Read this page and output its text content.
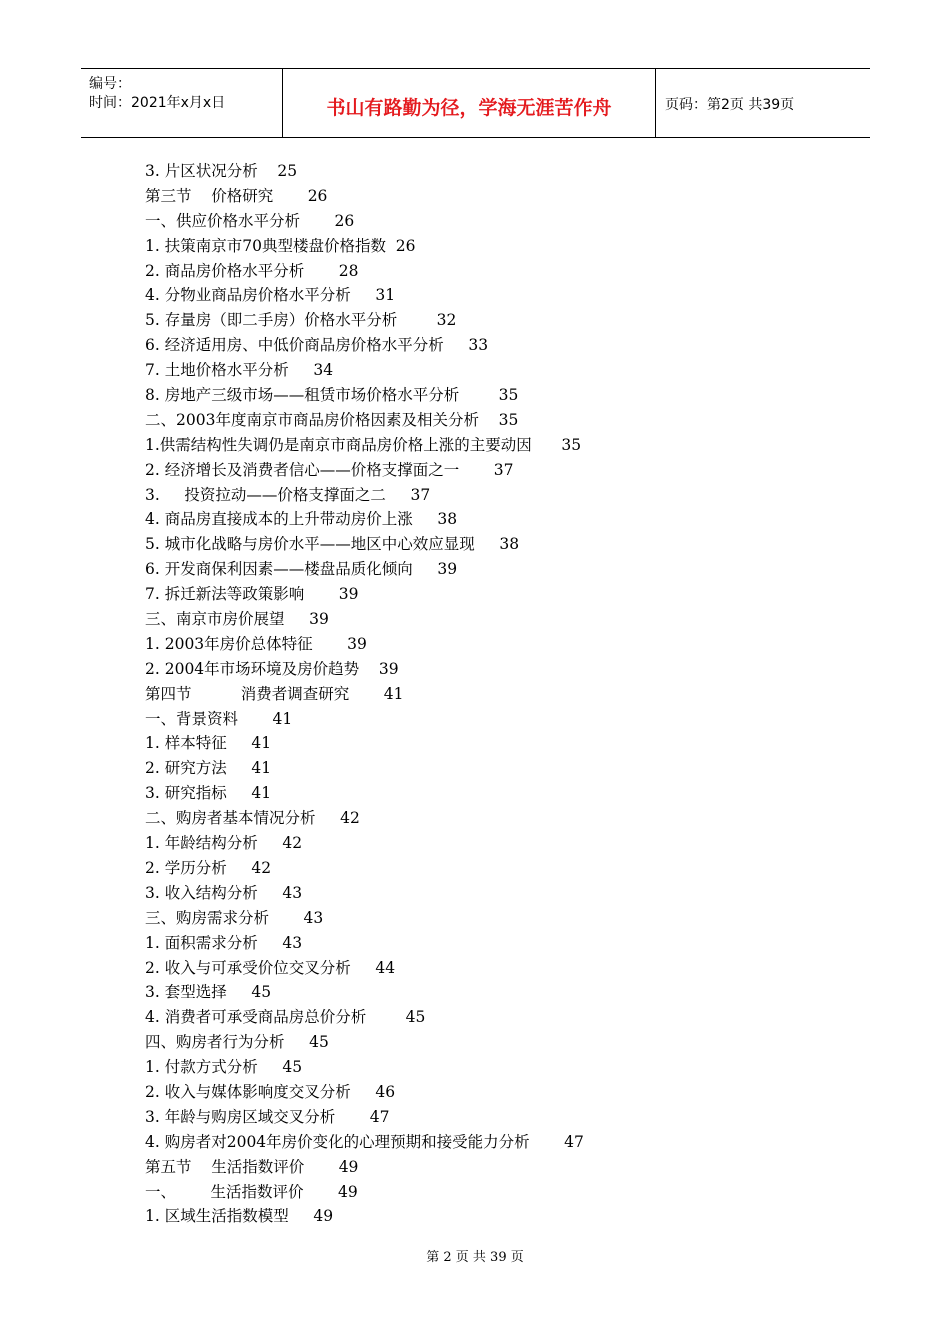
编号：
时间：2021年x月x日	书山有路勤为径，学海无涯苦作舟	页码：第2页 共39页
3. 片区状况分析    25
第三节    价格研究       26
一、供应价格水平分析       26
1. 扶策南京市70典型楼盘价格指数  26
2. 商品房价格水平分析       28
4. 分物业商品房价格水平分析     31
5. 存量房（即二手房）价格水平分析        32
6. 经济适用房、中低价商品房价格水平分析     33
7. 土地价格水平分析     34
8. 房地产三级市场——租赁市场价格水平分析        35
二、2003年度南京市商品房价格因素及相关分析    35
1.供需结构性失调仍是南京市商品房价格上涨的主要动因      35
2. 经济增长及消费者信心——价格支撑面之一       37
3.     投资拉动——价格支撑面之二     37
4. 商品房直接成本的上升带动房价上涨     38
5. 城市化战略与房价水平——地区中心效应显现     38
6. 开发商保利因素——楼盘品质化倾向     39
7. 拆迁新法等政策影响       39
三、南京市房价展望     39
1. 2003年房价总体特征       39
2. 2004年市场环境及房价趋势    39
第四节          消费者调查研究       41
一、背景资料       41
1. 样本特征     41
2. 研究方法     41
3. 研究指标     41
二、购房者基本情况分析     42
1. 年龄结构分析     42
2. 学历分析     42
3. 收入结构分析     43
三、购房需求分析       43
1. 面积需求分析     43
2. 收入与可承受价位交叉分析     44
3. 套型选择     45
4. 消费者可承受商品房总价分析        45
四、购房者行为分析     45
1. 付款方式分析     45
2. 收入与媒体影响度交叉分析     46
3. 年龄与购房区域交叉分析       47
4. 购房者对2004年房价变化的心理预期和接受能力分析       47
第五节    生活指数评价       49
一、       生活指数评价       49
1. 区域生活指数模型     49
第 2 页 共 39 页
